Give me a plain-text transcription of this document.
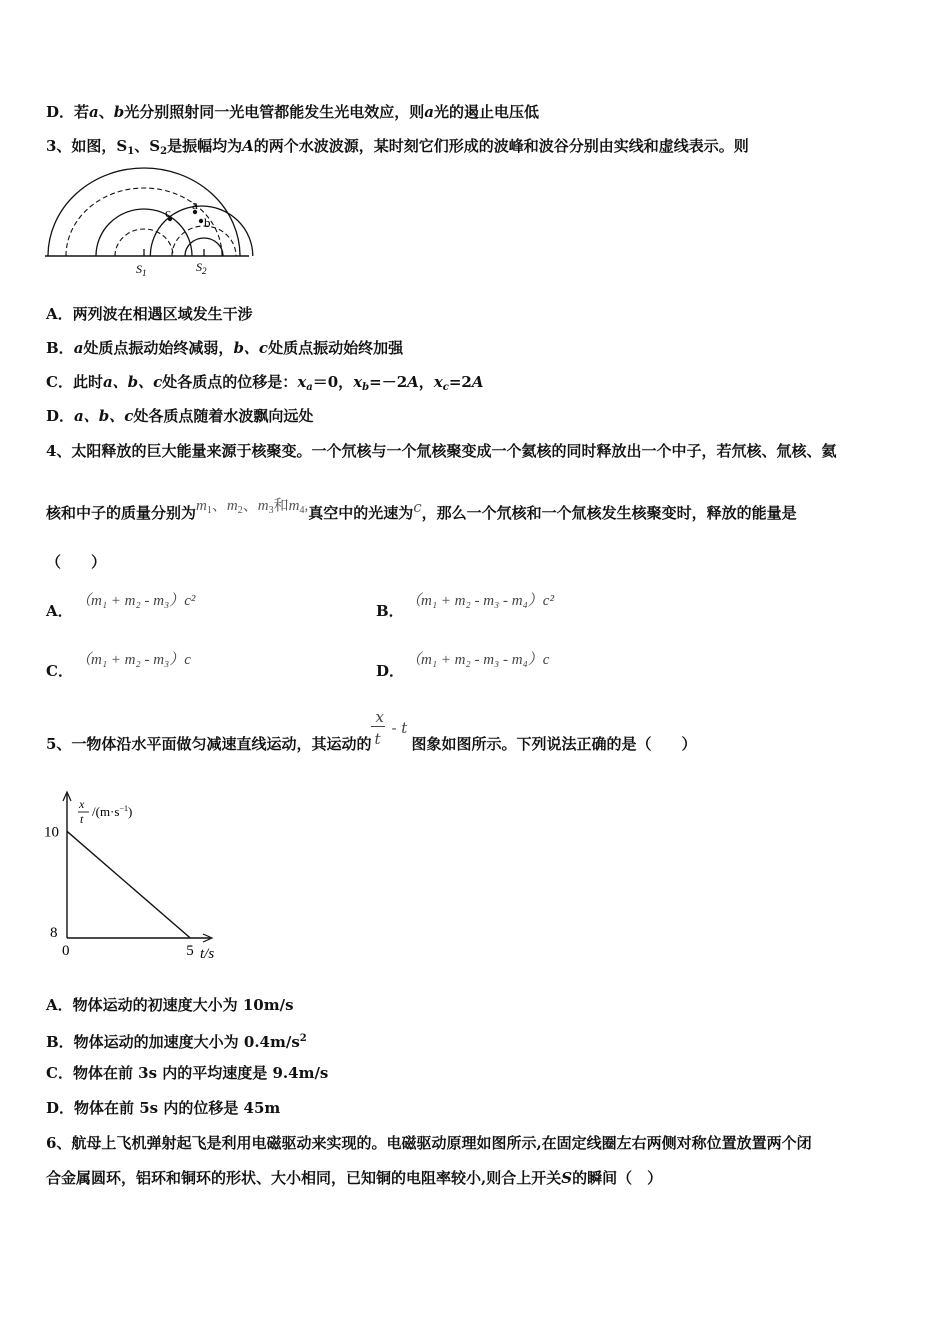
D．若a、b光分别照射同一光电管都能发生光电效应，则a光的遏止电压低
3、如图，$S_1$、$S_2$是振幅均为A的两个水波波源，某时刻它们形成的波峰和波谷分别由实线和虚线表示。则
a
b
c
$S_1$	$S_2$
A．两列波在相遇区域发生干涉
B．a处质点振动始终减弱，b、c处质点振动始终加强
C．此时a、b、c处各质点的位移是：$x_a=0$，$x_b=-2A$，$x_c=2A$
D．a、b、c处各质点随着水波飘向远处
4、太阳释放的巨大能量来源于核聚变。一个氘核与一个氚核聚变成一个氦核的同时释放出一个中子，若氘核、氚核、氦
核和中子的质量分别为$m_1$、$m_2$、$m_3$和$m_4$,真空中的光速为c，那么一个氘核和一个氚核发生核聚变时，释放的能量是
（　　）
A．
（m₁ + m₂ - m₃）c²
B．
（m₁ + m₂ - m₃ - m₄）c²
C．
（m₁ + m₂ - m₃）c
D．
（m₁ + m₂ - m₃ - m₄）c
5、一物体沿水平面做匀减速直线运动，其运动的
x
t
- t
图象如图所示。下列说法正确的是（　　）
x
t $/(m\cdot s^{-1})$
10
8
0	5 t/s
A．物体运动的初速度大小为 10m/s
B．物体运动的加速度大小为 $0.4m/s^2$
C．物体在前 3s 内的平均速度是 9.4m/s
D．物体在前 5s 内的位移是 45m
6、航母上飞机弹射起飞是利用电磁驱动来实现的。电磁驱动原理如图所示,在固定线圈左右两侧对称位置放置两个闭
合金属圆环，铝环和铜环的形状、大小相同，已知铜的电阻率较小,则合上开关S的瞬间（　）
